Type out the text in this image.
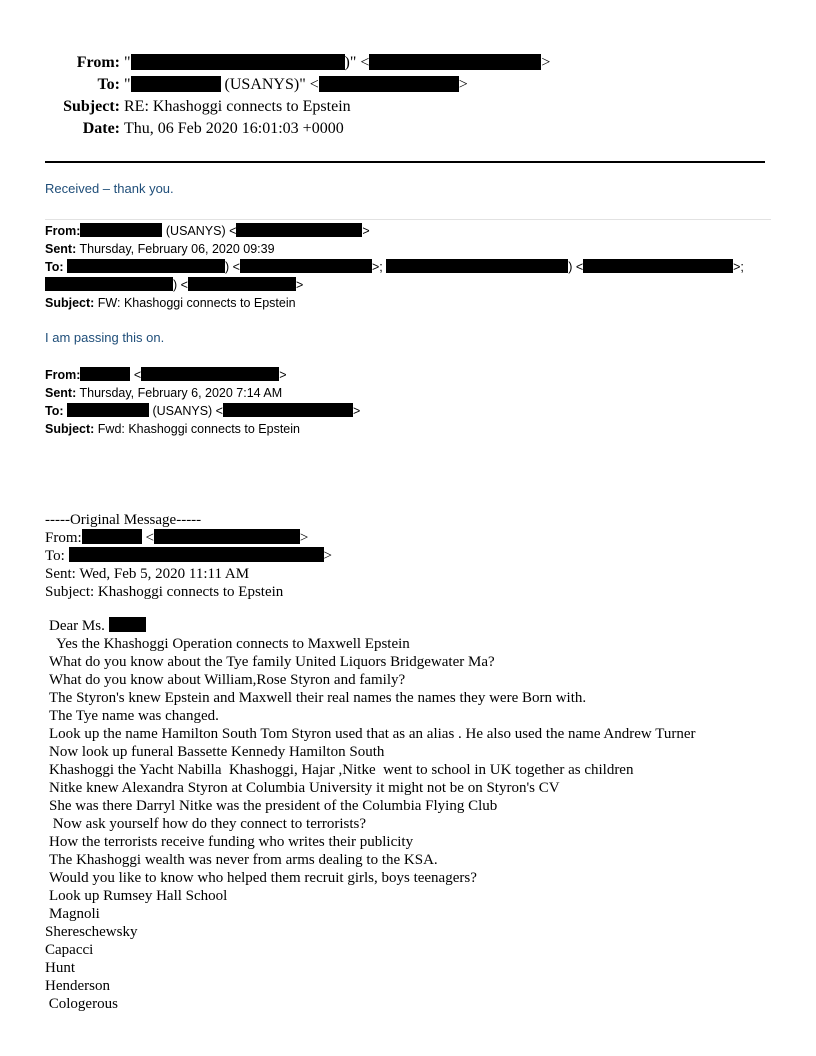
From: "	)" <	>
To: "	(USANYS)" <	>
Subject: RE: Khashoggi connects to Epstein
Date: Thu, 06 Feb 2020 16:01:03 +0000
Received – thank you.
From:	(USANYS) <	>
Sent: Thursday, February 06, 2020 09:39
To:	) <	>;	) <	>;
) <	>
Subject: FW: Khashoggi connects to Epstein
I am passing this on.
From:	<	>
Sent: Thursday, February 6, 2020 7:14 AM
To:	(USANYS) <	>
Subject: Fwd: Khashoggi connects to Epstein
-----Original Message-----
From:	<	>
To:	>
Sent: Wed, Feb 5, 2020 11:11 AM
Subject: Khashoggi connects to Epstein
Dear Ms.
Yes the Khashoggi Operation connects to Maxwell Epstein
What do you know about the Tye family United Liquors Bridgewater Ma?
What do you know about William,Rose Styron and family?
The Styron's knew Epstein and Maxwell their real names the names they were Born with.
The Tye name was changed.
Look up the name Hamilton South Tom Styron used that as an alias . He also used the name Andrew Turner
Now look up funeral Bassette Kennedy Hamilton South
Khashoggi the Yacht Nabilla  Khashoggi, Hajar ,Nitke  went to school in UK together as children
Nitke knew Alexandra Styron at Columbia University it might not be on Styron's CV
She was there Darryl Nitke was the president of the Columbia Flying Club
Now ask yourself how do they connect to terrorists?
How the terrorists receive funding who writes their publicity
The Khashoggi wealth was never from arms dealing to the KSA.
Would you like to know who helped them recruit girls, boys teenagers?
Look up Rumsey Hall School
Magnoli
Shereschewsky
Capacci
Hunt
Henderson
Cologerous
